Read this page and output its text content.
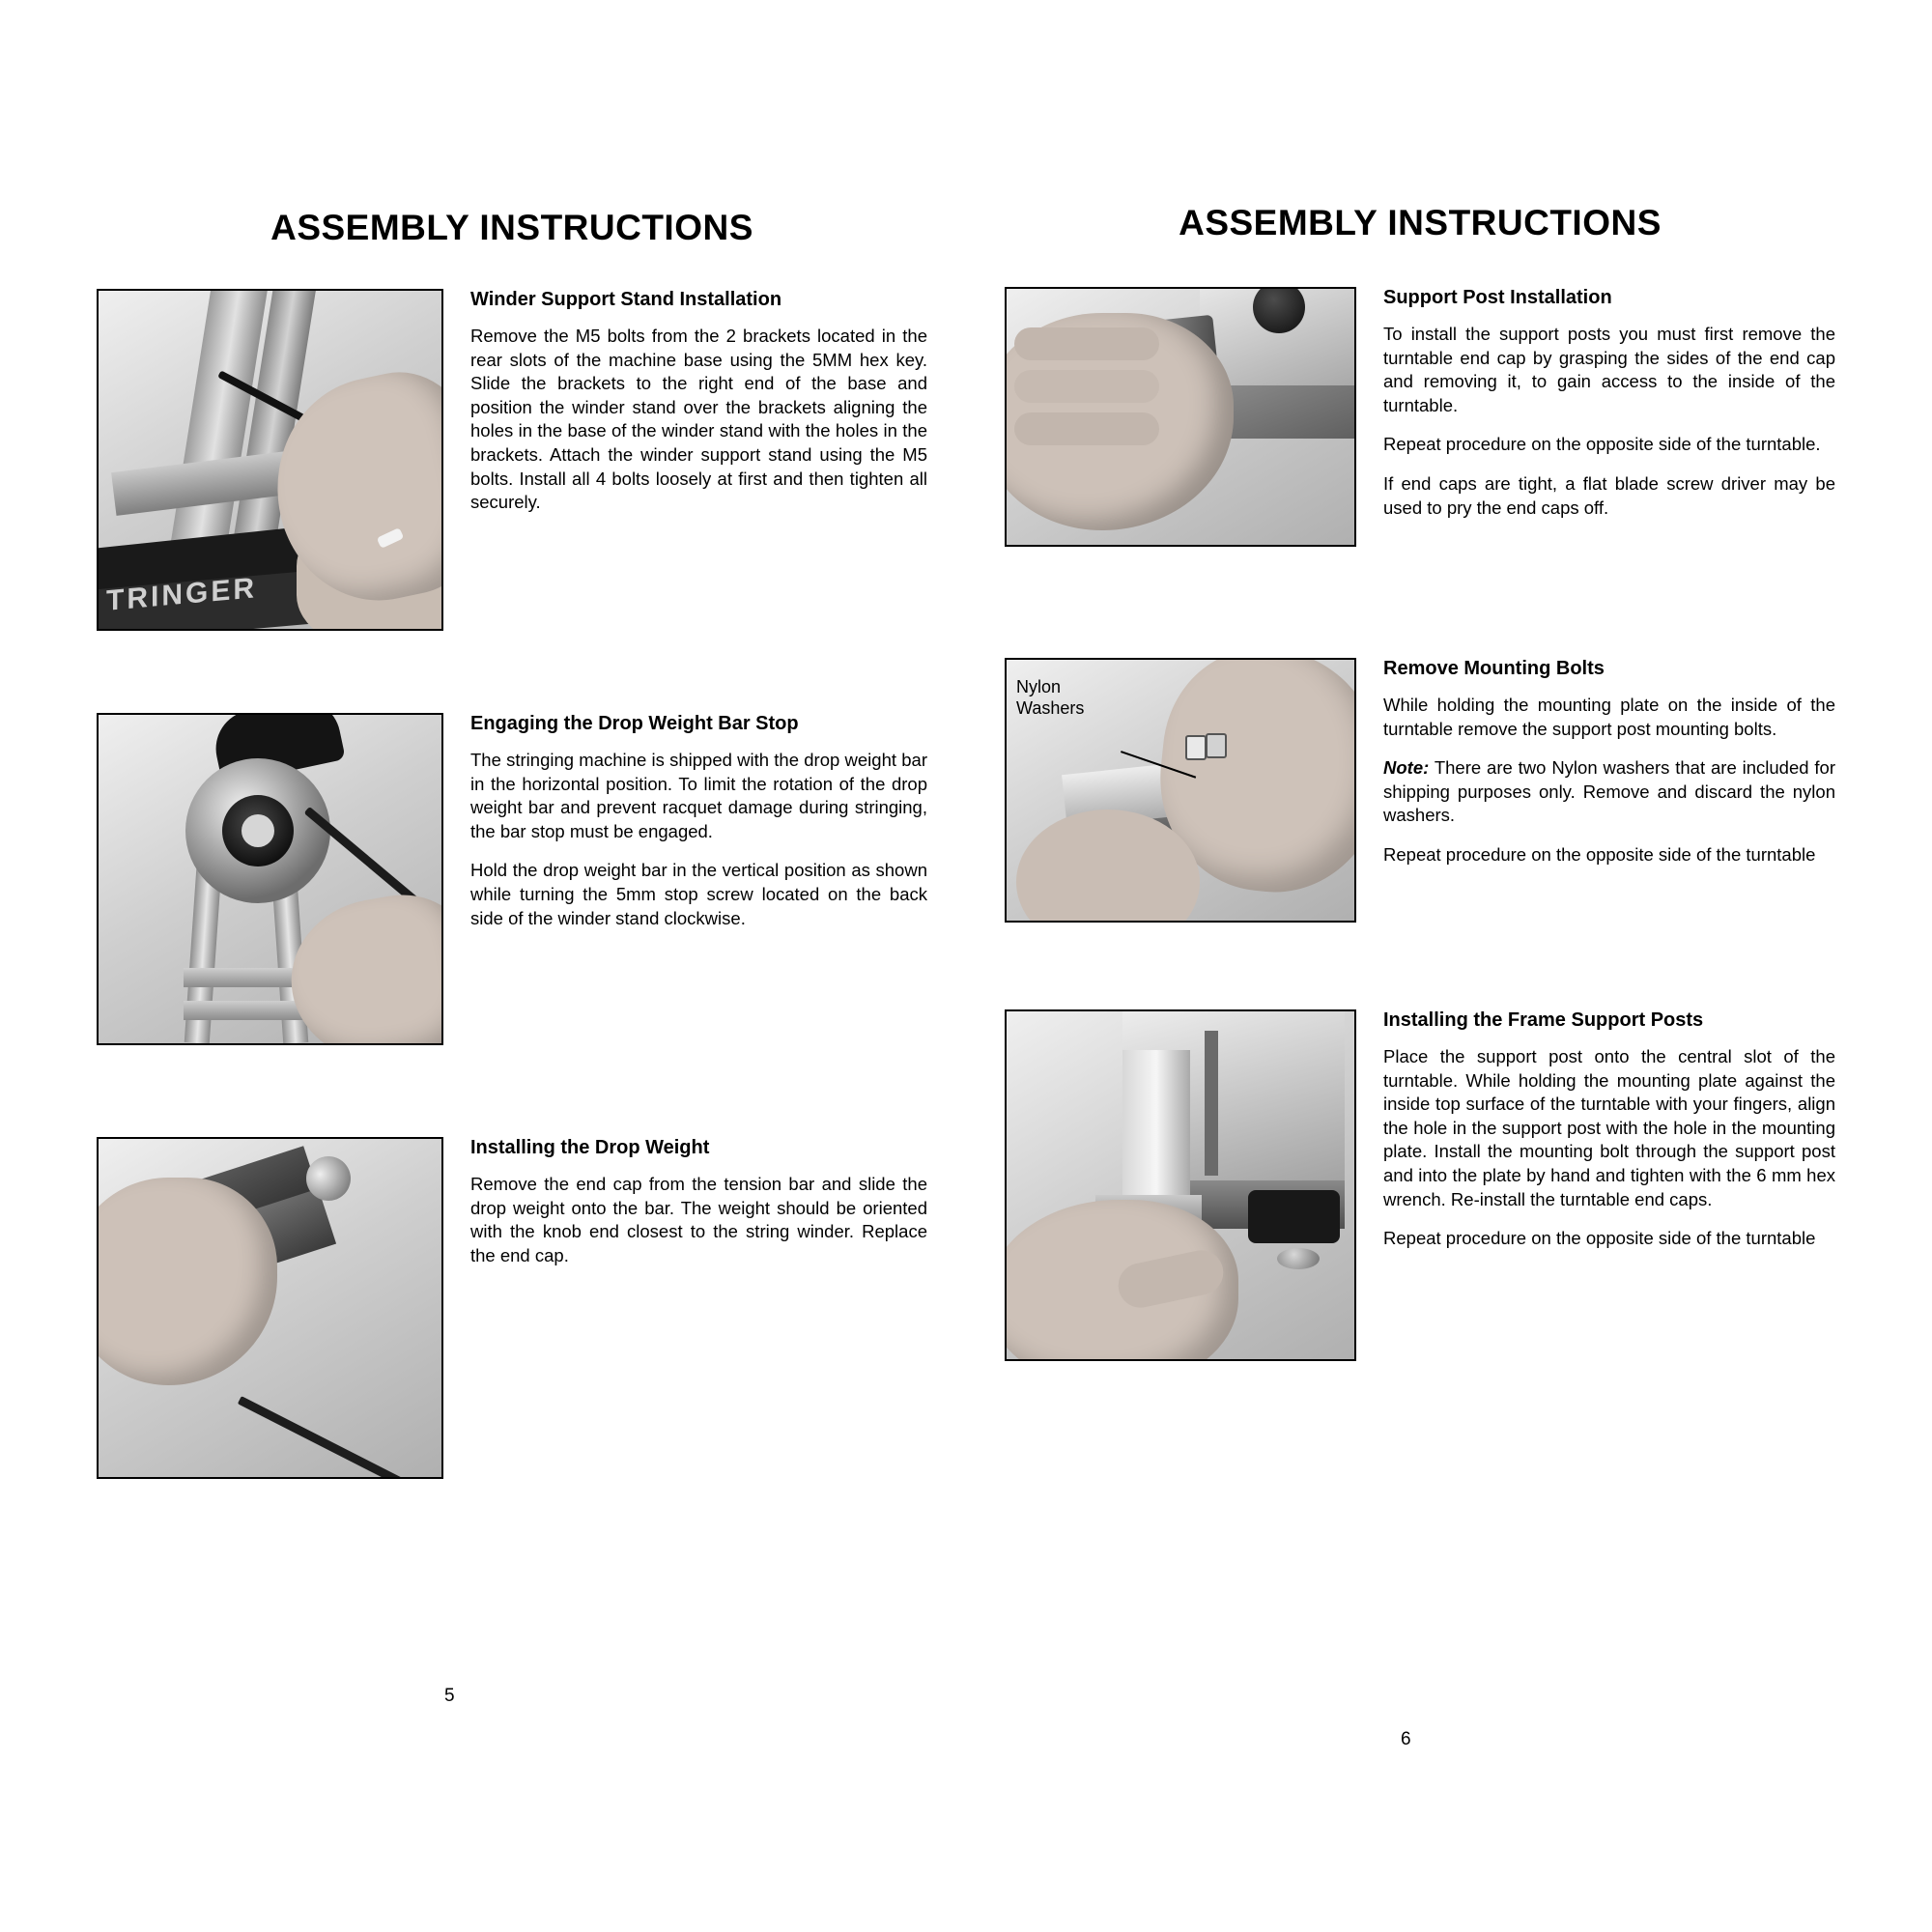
ASSEMBLY INSTRUCTIONS
TRINGER
Winder Support Stand Installation

Remove the M5 bolts from the 2 brackets located in the rear slots of the machine base using the 5MM hex key. Slide the brackets to the right end of the base and position the winder stand over the brackets aligning the holes in the base of the winder stand with the holes in the brackets. Attach the winder support stand using the M5 bolts. Install all 4 bolts loosely at first and then tighten all securely.

Engaging the Drop Weight Bar Stop

The stringing machine is shipped with the drop weight bar in the horizontal position. To limit the rotation of the drop weight bar and prevent racquet damage during stringing, the bar stop must be engaged.

Hold the drop weight bar in the vertical position as shown while turning the 5mm stop screw located on the back side of the winder stand clockwise.

Installing the Drop Weight

Remove the end cap from the tension bar and slide the drop weight onto the bar. The weight should be oriented with the knob end closest to the string winder. Replace the end cap.

5
ASSEMBLY INSTRUCTIONS
Support Post Installation

To install the support posts you must first remove the turntable end cap by grasping the sides of the end cap and removing it, to gain access to the inside of the turntable.

Repeat procedure on the opposite side of the turntable.

If end caps are tight, a flat blade screw driver may be used to pry the end caps off.

Nylon
Washers
Remove Mounting Bolts

While holding the mounting plate on the inside of the turntable remove the support post mounting bolts.

Note: There are two Nylon washers that are included for shipping purposes only. Remove and discard the nylon washers.

Repeat procedure on the opposite side of the turntable

Installing the Frame Support Posts

Place the support post onto the central slot of the turntable. While holding the mounting plate against the inside top surface of the turntable with your fingers, align the hole in the support post with the hole in the mounting plate. Install the mounting bolt through the support post and into the plate by hand and tighten with the 6 mm hex wrench. Re-install the turntable end caps.

Repeat procedure on the opposite side of the turntable

6
